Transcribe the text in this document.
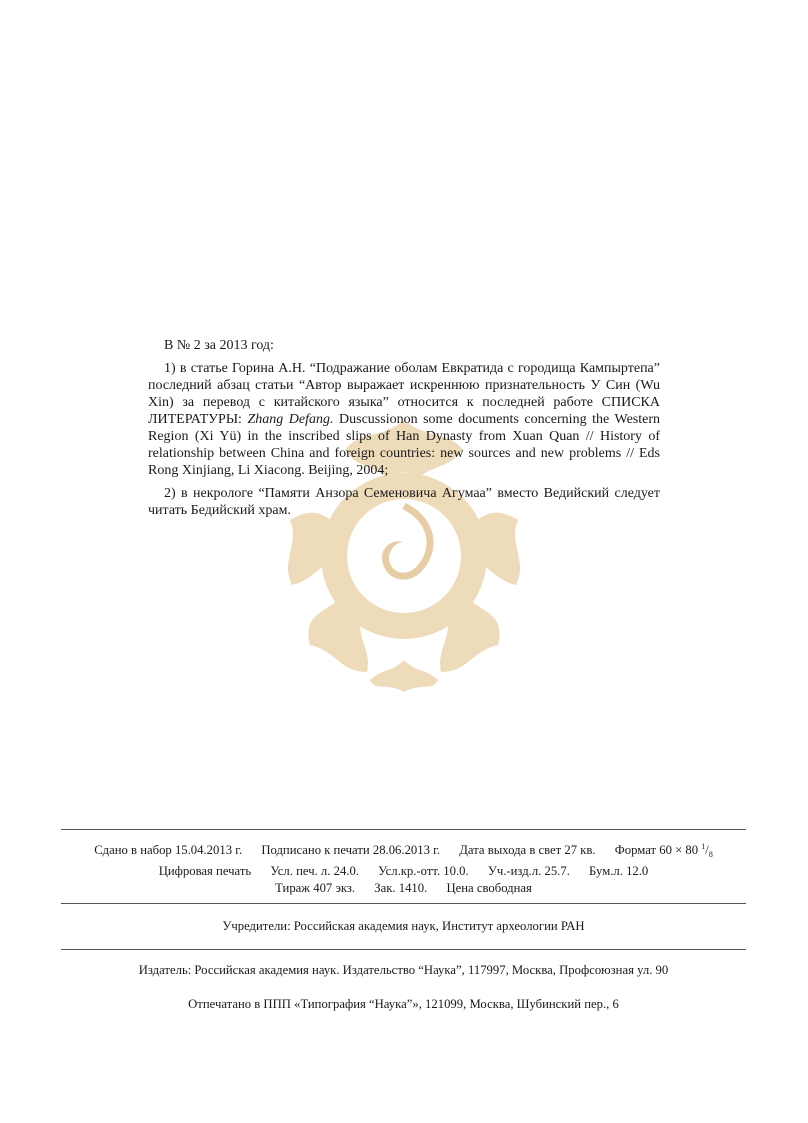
В № 2 за 2013 год:

1) в статье Горина А.Н. “Подражание оболам Евкратида с городища Кампыртепа” последний абзац статьи “Автор выражает искреннюю признательность У Син (Wu Xin) за перевод с китайского языка” относится к последней работе СПИСКА ЛИТЕРАТУРЫ: Zhang Defang. Duscussionon some documents concerning the Western Region (Xi Yü) in the inscribed slips of Han Dynasty from Xuan Quan // History of relationship between China and foreign countries: new sources and new problems // Eds Rong Xinjiang, Li Xiacong. Beijing, 2004;

2) в некрологе “Памяти Анзора Семеновича Агумаа” вместо Ведийский следует читать Бедийский храм.

Сдано в набор 15.04.2013 г. Подписано к печати 28.06.2013 г. Дата выхода в свет 27 кв. Формат 60 × 80 $^1/_8$
Цифровая печать Усл. печ. л. 24.0. Усл.кр.-отт. 10.0. Уч.-изд.л. 25.7. Бум.л. 12.0
Тираж 407 экз. Зак. 1410. Цена свободная
Учредители: Российская академия наук, Институт археологии РАН
Издатель: Российская академия наук. Издательство “Наука”, 117997, Москва, Профсоюзная ул. 90
Отпечатано в ППП «Типография “Наука”», 121099, Москва, Шубинский пер., 6
